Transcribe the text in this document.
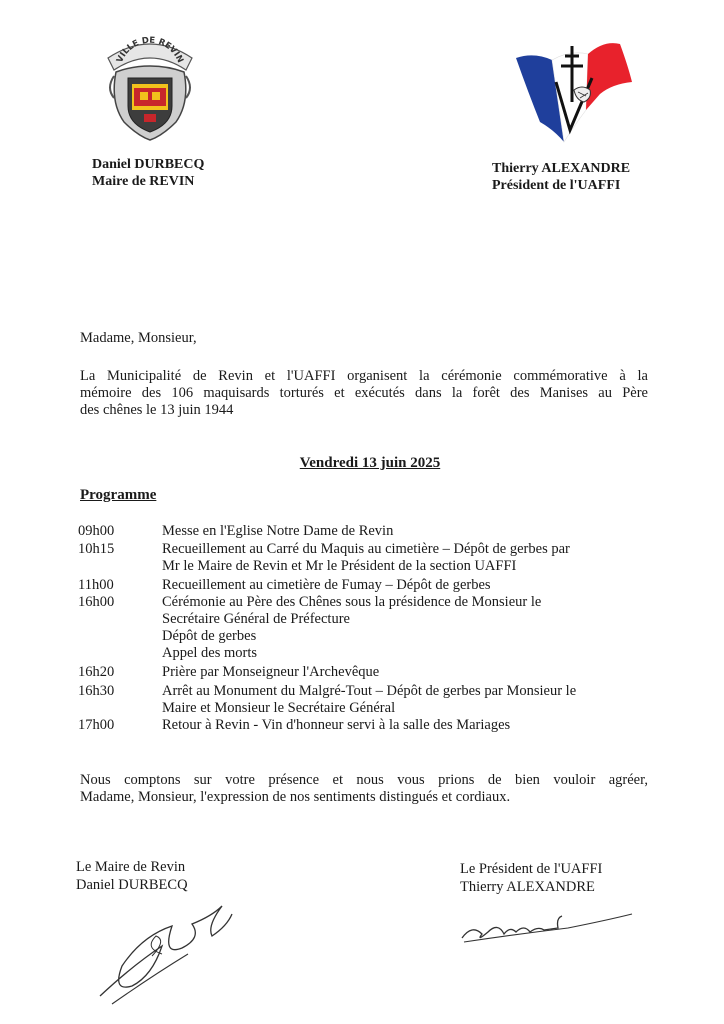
VILLE DE REVIN
Daniel DURBECQ
Maire de REVIN
Thierry ALEXANDRE
Président de l'UAFFI
Madame, Monsieur,
La Municipalité de Revin et l'UAFFI organisent la cérémonie commémorative à la
mémoire des 106 maquisards torturés et exécutés dans la forêt des Manises au Père
des chênes le 13 juin 1944
Vendredi 13 juin 2025
Programme
09h00	Messe en l'Eglise Notre Dame de Revin
10h15	Recueillement au Carré du Maquis au cimetière – Dépôt de gerbes par
Mr le Maire de Revin et Mr le Président de la section UAFFI
11h00	Recueillement au cimetière de Fumay – Dépôt de gerbes
16h00	Cérémonie au Père des Chênes sous la présidence de Monsieur le
Secrétaire Général de Préfecture
Dépôt de gerbes
Appel des morts
16h20	Prière par Monseigneur l'Archevêque
16h30	Arrêt au Monument du Malgré-Tout – Dépôt de gerbes par Monsieur le
Maire et Monsieur le Secrétaire Général
17h00	Retour à Revin - Vin d'honneur servi à la salle des Mariages
Nous comptons sur votre présence et nous vous prions de bien vouloir agréer,
Madame, Monsieur, l'expression de nos sentiments distingués et cordiaux.
Le Maire de Revin
Daniel DURBECQ
Le Président de l'UAFFI
Thierry ALEXANDRE
